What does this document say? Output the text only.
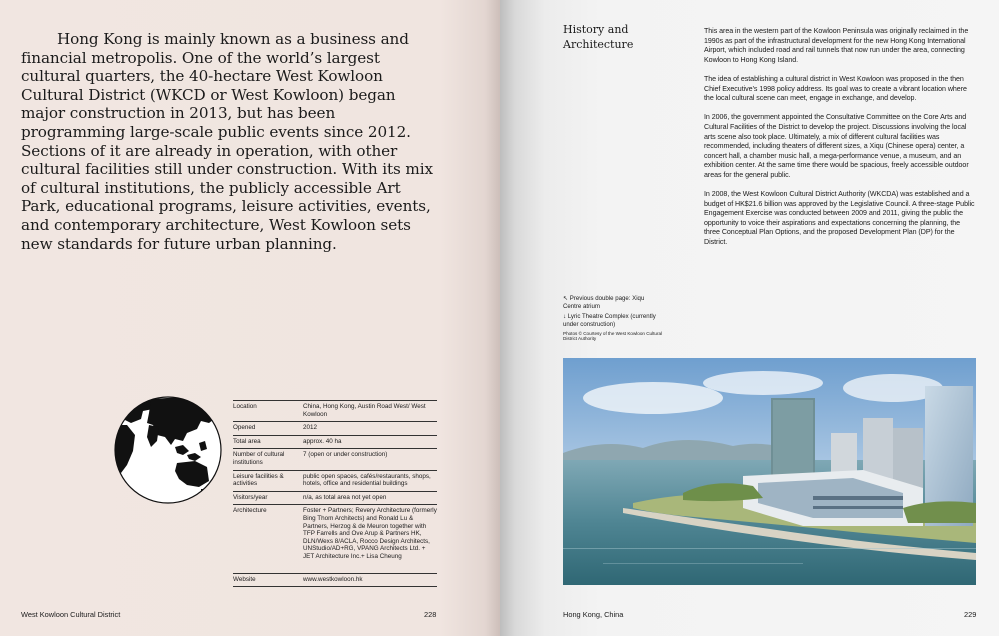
Hong Kong is mainly known as a business and financial metropolis. One of the world’s largest cultural quarters, the 40-hectare West Kowloon Cultural District (WKCD or West Kowloon) began major construction in 2013, but has been programming large-scale public events since 2012. Sections of it are already in operation, with other cultural facilities still under construction. With its mix of cultural institutions, the publicly accessible Art Park, educational programs, leisure activities, events, and contemporary architecture, West Kowloon sets new standards for future urban planning.

Location	China, Hong Kong, Austin Road West/ West Kowloon
Opened	2012
Total area	approx. 40 ha
Number of cultural institutions	7 (open or under construction)
Leisure facilities & activities	public open spaces, cafés/restaurants, shops, hotels, office and residential buildings
Visitors/year	n/a, as total area not yet open
Architecture	Foster + Partners; Revery Architecture (formerly Bing Thom Architects) and Ronald Lu & Partners, Herzog & de Meuron together with TFP Farrells and Ove Arup & Partners HK, DLN/Wexs 8/ACLA, Rocco Design Architects, UNStudio/AD+RG, VPANG Architects Ltd. + JET Architecture Inc.+ Lisa Cheung
Website	www.westkowloon.hk
West Kowloon Cultural District	228
History and Architecture

This area in the western part of the Kowloon Peninsula was originally reclaimed in the 1990s as part of the infrastructural development for the new Hong Kong International Airport, which included road and rail tunnels that now run under the area, connecting Kowloon to Hong Kong Island.

The idea of establishing a cultural district in West Kowloon was proposed in the then Chief Executive’s 1998 policy address. Its goal was to create a vibrant location where the local cultural scene can meet, engage in exchange, and develop.

In 2006, the government appointed the Consultative Committee on the Core Arts and Cultural Facilities of the District to develop the project. Discussions involving the local arts scene also took place. Ultimately, a mix of different cultural facilities was recommended, including theaters of different sizes, a Xiqu (Chinese opera) center, a concert hall, a chamber music hall, a mega-performance venue, a museum, and an exhibition center. At the same time there would be spacious, freely accessible outdoor areas for the general public.

In 2008, the West Kowloon Cultural District Authority (WKCDA) was established and a budget of HK$21.6 billion was approved by the Legislative Council. A three-stage Public Engagement Exercise was conducted between 2009 and 2011, giving the public the opportunity to voice their aspirations and expectations concerning the planning, the three Conceptual Plan Options, and the proposed Development Plan (DP) for the District.

↖ Previous double page: Xiqu Centre atrium
↓ Lyric Theatre Complex (currently under construction)
Photos © Courtesy of the West Kowloon Cultural District Authority
Hong Kong, China	229
